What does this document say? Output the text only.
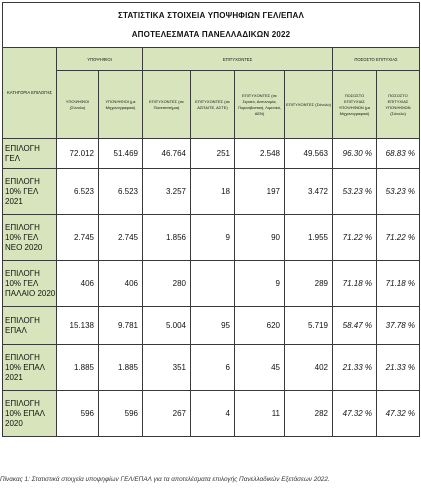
ΣΤΑΤΙΣΤΙΚΑ ΣΤΟΙΧΕΙΑ ΥΠΟΨΗΦΙΩΝ ΓΕΛ/ΕΠΑΛ
ΑΠΟΤΕΛΕΣΜΑΤΑ ΠΑΝΕΛΛΑΔΙΚΩΝ 2022								

ΚΑΤΗΓΟΡΙΑ ΕΠΙΛΟΓΗΣ	ΥΠΟΨΗΦΙΟΙ		ΕΠΙΤΥΧΟΝΤΕΣ				ΠΟΣΟΣΤΟ ΕΠΙΤΥΧΙΑΣ	
	ΥΠΟΨΗΦΙΟΙ (Σύνολο)	ΥΠΟΨΗΦΙΟΙ (με Μηχανογραφικό)	ΕΠΙΤΥΧΟΝΤΕΣ (σε Πανεπιστήμια)	ΕΠΙΤΥΧΟΝΤΕΣ (σε ΑΣΠΑΙΤΕ, ΑΣΤΕ)	ΕΠΙΤΥΧΟΝΤΕΣ (σε Στρατό, Αστυνομία, Πυροσβεστική, Λιμενικό, ΑΕΝ)	ΕΠΙΤΥΧΟΝΤΕΣ (Σύνολο)	ΠΟΣΟΣΤΟ ΕΠΙΤΥΧΙΑΣ ΥΠΟΨΗΦΙΩΝ (με Μηχανογραφικό)	ΠΟΣΟΣΤΟ ΕΠΙΤΥΧΙΑΣ ΥΠΟΨΗΦΙΩΝ (Σύνολο)
ΕΠΙΛΟΓΗ ΓΕΛ	72.012	51.469	46.764	251	2.548	49.563	96.30 %	68.83 %
ΕΠΙΛΟΓΗ 10% ΓΕΛ 2021	6.523	6.523	3.257	18	197	3.472	53.23 %	53.23 %
ΕΠΙΛΟΓΗ 10% ΓΕΛ ΝΕΟ 2020	2.745	2.745	1.856	9	90	1.955	71.22 %	71.22 %
ΕΠΙΛΟΓΗ 10% ΓΕΛ ΠΑΛΑΙΟ 2020	406	406	280		9	289	71.18 %	71.18 %
ΕΠΙΛΟΓΗ ΕΠΑΛ	15.138	9.781	5.004	95	620	5.719	58.47 %	37.78 %
ΕΠΙΛΟΓΗ 10% ΕΠΑΛ 2021	1.885	1.885	351	6	45	402	21.33 %	21.33 %
ΕΠΙΛΟΓΗ 10% ΕΠΑΛ 2020	596	596	267	4	11	282	47.32 %	47.32 %
Πίνακας 1: Στατιστικά στοιχεία υποψηφίων ΓΕΛ/ΕΠΑΛ για τα αποτελέσματα επιλογής Πανελλαδικών Εξετάσεων 2022.
